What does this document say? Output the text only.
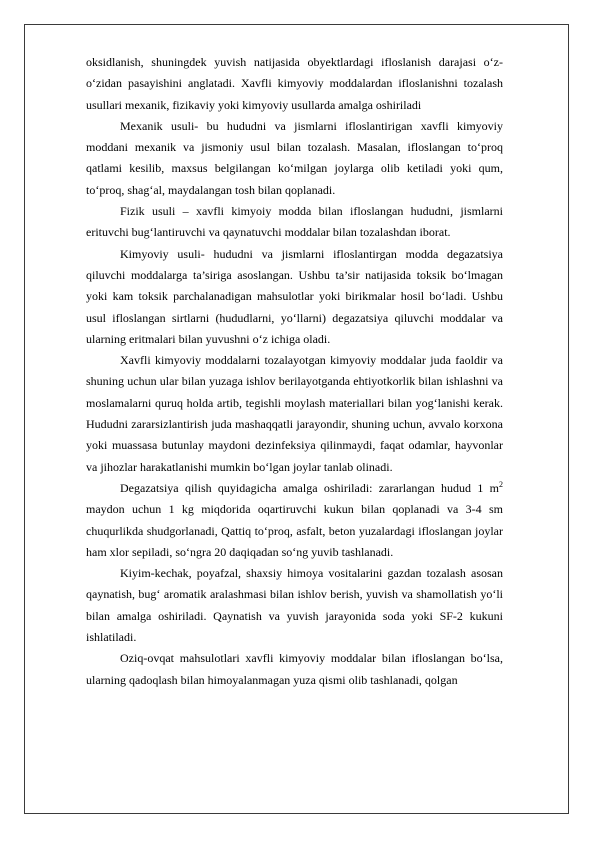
oksidlanish, shuningdek yuvish natijasida obyektlardagi ifloslanish darajasi o‘z-o‘zidan pasayishini anglatadi. Xavfli kimyoviy moddalardan ifloslanishni tozalash usullari mexanik, fizikaviy yoki kimyoviy usullarda amalga oshiriladi

Mexanik usuli- bu hududni va jismlarni ifloslantirigan xavfli kimyoviy moddani mexanik va jismoniy usul bilan tozalash. Masalan, ifloslangan to‘proq qatlami kesilib, maxsus belgilangan ko‘milgan joylarga olib ketiladi yoki qum, to‘proq, shag‘al, maydalangan tosh bilan qoplanadi.

Fizik usuli – xavfli kimyoiy modda bilan ifloslangan hududni, jismlarni erituvchi bug‘lantiruvchi va qaynatuvchi moddalar bilan tozalashdan iborat.

Kimyoviy usuli- hududni va jismlarni ifloslantirgan modda degazatsiya qiluvchi moddalarga ta’siriga asoslangan. Ushbu ta’sir natijasida toksik bo‘lmagan yoki kam toksik parchalanadigan mahsulotlar yoki birikmalar hosil bo‘ladi. Ushbu usul ifloslangan sirtlarni (hududlarni, yo‘llarni) degazatsiya qiluvchi moddalar va ularning eritmalari bilan yuvushni o‘z ichiga oladi.

Xavfli kimyoviy moddalarni tozalayotgan kimyoviy moddalar juda faoldir va shuning uchun ular bilan yuzaga ishlov berilayotganda ehtiyotkorlik bilan ishlashni va moslamalarni quruq holda artib, tegishli moylash materiallari bilan yog‘lanishi kerak. Hududni zararsizlantirish juda mashaqqatli jarayondir, shuning uchun, avvalo korxona yoki muassasa butunlay maydoni dezinfeksiya qilinmaydi, faqat odamlar, hayvonlar va jihozlar harakatlanishi mumkin bo‘lgan joylar tanlab olinadi.

Degazatsiya qilish quyidagicha amalga oshiriladi: zararlangan hudud 1 $m^2$ maydon uchun 1 kg miqdorida oqartiruvchi kukun bilan qoplanadi va 3-4 sm chuqurlikda shudgorlanadi, Qattiq to‘proq, asfalt, beton yuzalardagi ifloslangan joylar ham xlor sepiladi, so‘ngra 20 daqiqadan so‘ng yuvib tashlanadi.

Kiyim-kechak, poyafzal, shaxsiy himoya vositalarini gazdan tozalash asosan qaynatish, bug‘ aromatik aralashmasi bilan ishlov berish, yuvish va shamollatish yo‘li bilan amalga oshiriladi. Qaynatish va yuvish jarayonida soda yoki SF-2 kukuni ishlatiladi.

Oziq-ovqat mahsulotlari xavfli kimyoviy moddalar bilan ifloslangan bo‘lsa, ularning qadoqlash bilan himoyalanmagan yuza qismi olib tashlanadi, qolgan
